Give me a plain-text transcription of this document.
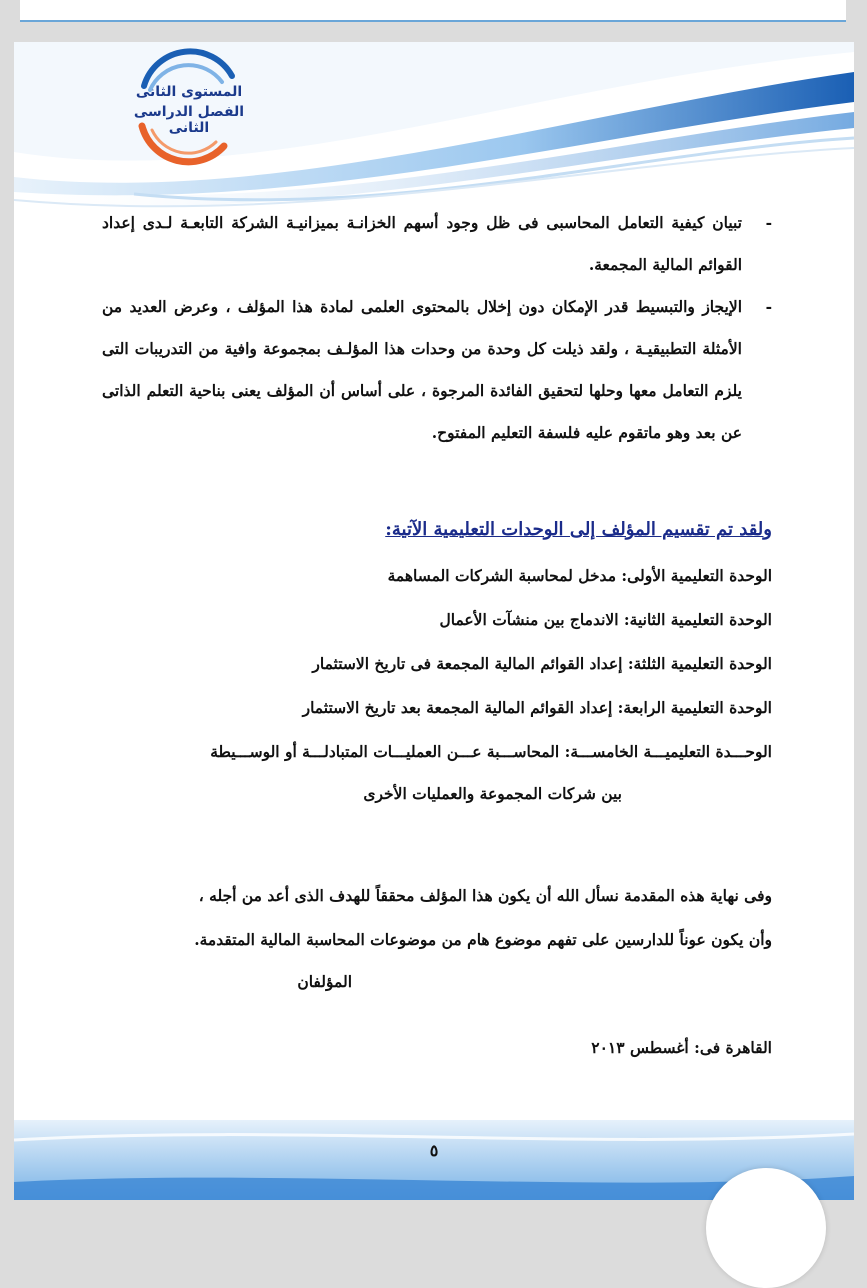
المستوى الثانى
الفصل الدراسى الثانى
-
تبيان كيفية التعامل المحاسبى فى ظل وجود أسهم الخزانـة بميزانيـة الشركة التابعـة لـدى إعداد القوائم المالية المجمعة.
-
الإيجاز والتبسيط قدر الإمكان دون إخلال بالمحتوى العلمى لمادة هذا المؤلف ، وعرض العديد من الأمثلة التطبيقيـة ، ولقد ذيلت كل وحدة من وحدات هذا المؤلـف بمجموعة وافية من التدريبات التى يلزم التعامل معها وحلها لتحقيق الفائدة المرجوة ، على أساس أن المؤلف يعنى بناحية التعلم الذاتى عن بعد وهو ماتقوم عليه فلسفة التعليم المفتوح.
ولقد تم تقسيم المؤلف إلى الوحدات التعليمية الآتية:
الوحدة التعليمية الأولى: مدخل لمحاسبة الشركات المساهمة
الوحدة التعليمية الثانية: الاندماج بين منشآت الأعمال
الوحدة التعليمية الثلثة: إعداد القوائم المالية المجمعة فى تاريخ الاستثمار
الوحدة التعليمية الرابعة: إعداد القوائم المالية المجمعة بعد تاريخ الاستثمار
الوحـــدة التعليميـــة الخامســـة: المحاســـبة عـــن العمليـــات المتبادلـــة أو الوســـيطة
بين شركات المجموعة والعمليات الأخرى
وفى نهاية هذه المقدمة نسأل الله أن يكون هذا المؤلف محققاً للهدف الذى أعد من أجله ،
وأن يكون عوناً للدارسين على تفهم موضوع هام من موضوعات المحاسبة المالية المتقدمة.
المؤلفان
القاهرة فى: أغسطس ٢٠١٣
٥
